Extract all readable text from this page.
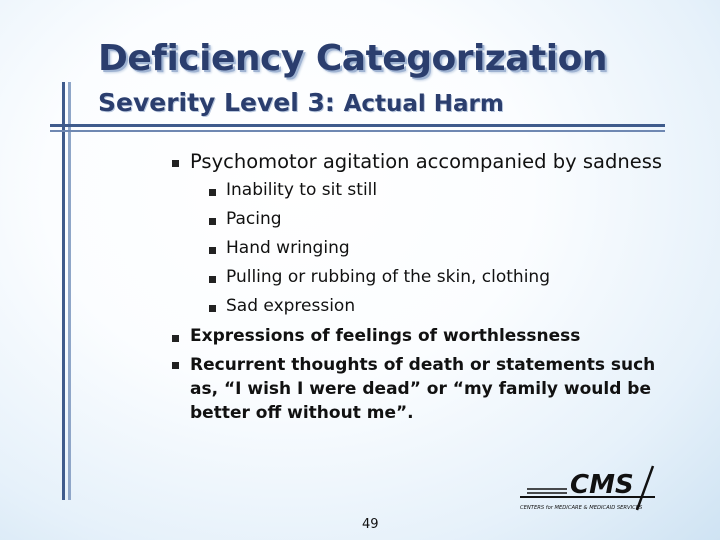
Deficiency Categorization
Severity Level 3: Actual Harm
Psychomotor agitation accompanied by sadness
Inability to sit still
Pacing
Hand wringing
Pulling or rubbing of the skin, clothing
Sad expression
Expressions of feelings of worthlessness
Recurrent thoughts of death or statements such as, “I wish I were dead” or “my family would be better off without me”.
CMS
CENTERS for MEDICARE & MEDICAID SERVICES
49
